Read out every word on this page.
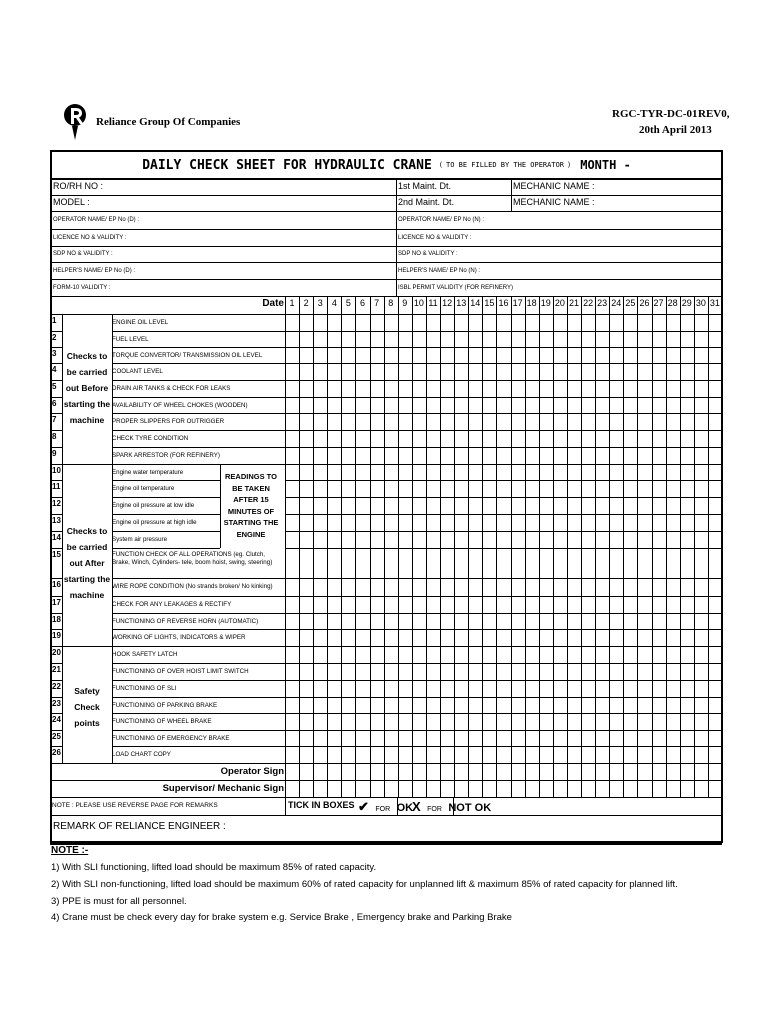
Reliance Group Of Companies
RGC-TYR-DC-01 REV0,
20th April 2013
DAILY CHECK SHEET FOR HYDRAULIC CRANE ( TO BE FILLED BY THE OPERATOR ) MONTH -
RO/RH NO :
MODEL :
OPERATOR NAME/ EP No (D) :
LICENCE NO & VALIDITY :
SDP NO & VALIDITY :
HELPER'S NAME/ EP No (D) :
FORM-10 VALIDITY :
1st Maint. Dt.
2nd Maint. Dt.
OPERATOR NAME/ EP No (N) :
LICENCE NO & VALIDITY :
SDP NO & VALIDITY :
HELPER'S NAME/ EP No (N) :
ISBL PERMIT VALIDITY (FOR REFINERY)
MECHANIC NAME :
MECHANIC NAME :
Date 1	2	3	4	5	6	7	8	9 10 11 12 13 14 15 16 17 18 19 20 21 22 23 24 25 26 27 28 29 30 31
Checks to be carried out Before starting the machine
Checks to be carried out After starting the machine
Safety Check points
READINGS TO BE TAKEN AFTER 15 MINUTES OF STARTING THE ENGINE
1	ENGINE OIL LEVEL
2	FUEL LEVEL
3	TORQUE CONVERTOR/ TRANSMISSION OIL LEVEL
4	COOLANT LEVEL
5	DRAIN AIR TANKS & CHECK FOR LEAKS
6	AVAILABILITY OF WHEEL CHOKES (WOODEN)
7	PROPER SLIPPERS FOR OUTRIGGER
8	CHECK TYRE CONDITION
9	SPARK ARRESTOR (FOR REFINERY)
10	Engine water temperature
11	Engine oil temperature
12	Engine oil pressure at low idle
13	Engine oil pressure at high idle
14	System air pressure
15	FUNCTION CHECK OF ALL OPERATIONS (eg. Clutch, Brake, Winch, Cylinders- tele, boom hoist, swing, steering)
16	WIRE ROPE CONDITION (No strands broken/ No kinking)
17	CHECK FOR ANY LEAKAGES & RECTIFY
18	FUNCTIONING OF REVERSE HORN (AUTOMATIC)
19	WORKING OF LIGHTS, INDICATORS & WIPER
20	HOOK SAFETY LATCH
21	FUNCTIONING OF OVER HOIST LIMIT SWITCH
22	FUNCTIONING OF SLI
23	FUNCTIONING OF PARKING BRAKE
24	FUNCTIONING OF WHEEL BRAKE
25	FUNCTIONING OF EMERGENCY BRAKE
26	LOAD CHART COPY
Operator Sign
Supervisor/ Mechanic Sign
NOTE : PLEASE USE REVERSE PAGE FOR REMARKS	TICK IN BOXES ✔ FOR OK
X FOR NOT OK
REMARK OF RELIANCE ENGINEER :
NOTE :-
1) With SLI functioning, lifted load should be maximum 85% of rated capacity.
2) With SLI non-functioning, lifted load should be maximum 60% of rated capacity for unplanned lift & maximum 85% of rated capacity for planned lift.
3) PPE is must for all personnel.
4) Crane must be check every day for brake system e.g. Service Brake , Emergency brake and Parking Brake
